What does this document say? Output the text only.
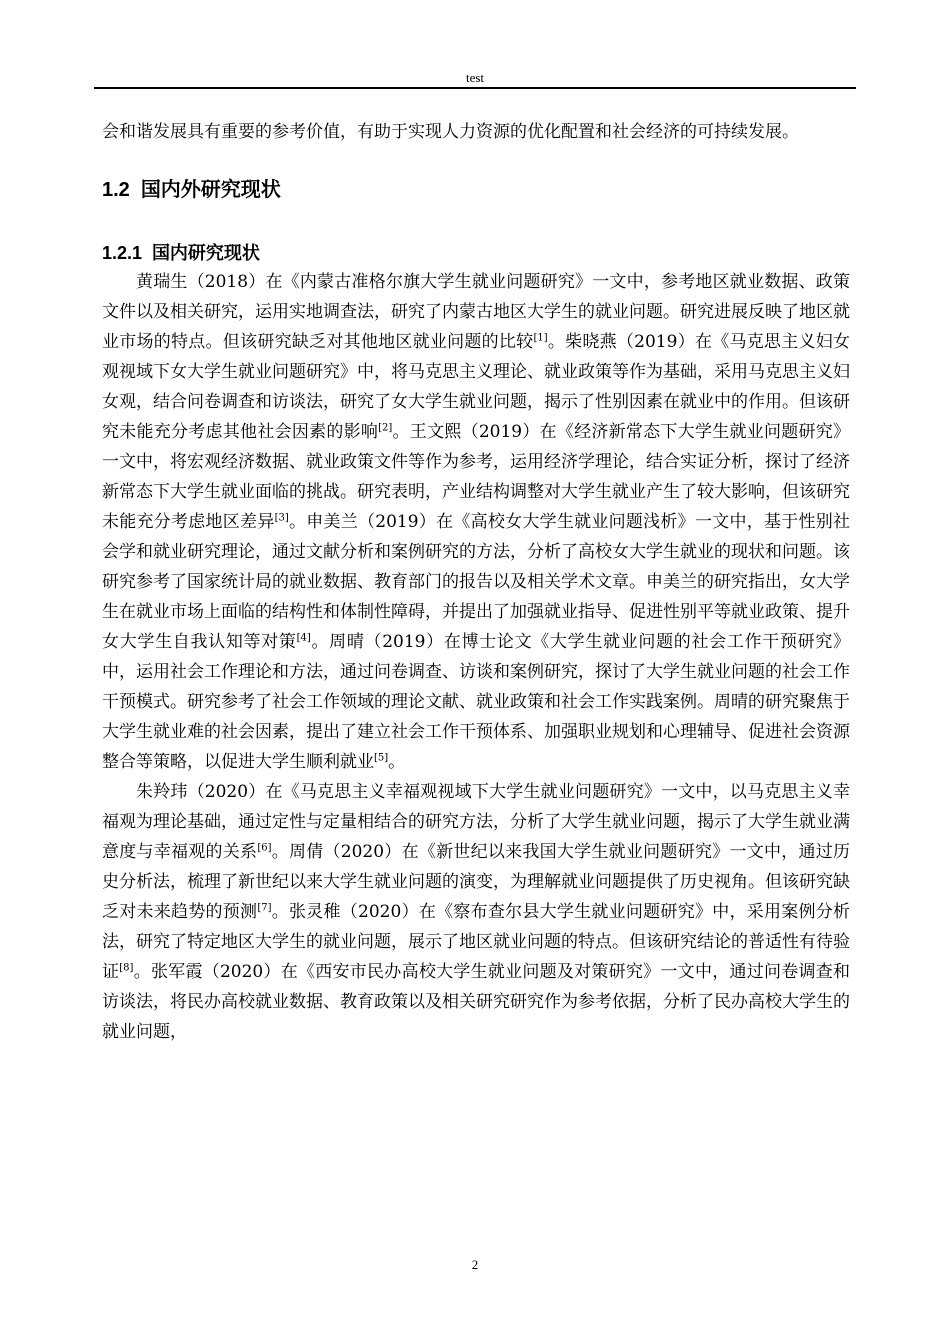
test

会和谐发展具有重要的参考价值，有助于实现人力资源的优化配置和社会经济的可持续发展。

1.2 国内外研究现状
1.2.1 国内研究现状

黄瑞生（2018）在《内蒙古准格尔旗大学生就业问题研究》一文中，参考地区就业数据、政策文件以及相关研究，运用实地调查法，研究了内蒙古地区大学生的就业问题。研究进展反映了地区就业市场的特点。但该研究缺乏对其他地区就业问题的比较[1]。柴晓燕（2019）在《马克思主义妇女观视域下女大学生就业问题研究》中，将马克思主义理论、就业政策等作为基础，采用马克思主义妇女观，结合问卷调查和访谈法，研究了女大学生就业问题，揭示了性别因素在就业中的作用。但该研究未能充分考虑其他社会因素的影响[2]。王文熙（2019）在《经济新常态下大学生就业问题研究》一文中，将宏观经济数据、就业政策文件等作为参考，运用经济学理论，结合实证分析，探讨了经济新常态下大学生就业面临的挑战。研究表明，产业结构调整对大学生就业产生了较大影响，但该研究未能充分考虑地区差异[3]。申美兰（2019）在《高校女大学生就业问题浅析》一文中，基于性别社会学和就业研究理论，通过文献分析和案例研究的方法，分析了高校女大学生就业的现状和问题。该研究参考了国家统计局的就业数据、教育部门的报告以及相关学术文章。申美兰的研究指出，女大学生在就业市场上面临的结构性和体制性障碍，并提出了加强就业指导、促进性别平等就业政策、提升女大学生自我认知等对策[4]。周晴（2019）在博士论文《大学生就业问题的社会工作干预研究》中，运用社会工作理论和方法，通过问卷调查、访谈和案例研究，探讨了大学生就业问题的社会工作干预模式。研究参考了社会工作领域的理论文献、就业政策和社会工作实践案例。周晴的研究聚焦于大学生就业难的社会因素，提出了建立社会工作干预体系、加强职业规划和心理辅导、促进社会资源整合等策略，以促进大学生顺利就业[5]。

朱羚玮（2020）在《马克思主义幸福观视域下大学生就业问题研究》一文中，以马克思主义幸福观为理论基础，通过定性与定量相结合的研究方法，分析了大学生就业问题，揭示了大学生就业满意度与幸福观的关系[6]。周倩（2020）在《新世纪以来我国大学生就业问题研究》一文中，通过历史分析法，梳理了新世纪以来大学生就业问题的演变，为理解就业问题提供了历史视角。但该研究缺乏对未来趋势的预测[7]。张灵稚（2020）在《察布查尔县大学生就业问题研究》中，采用案例分析法，研究了特定地区大学生的就业问题，展示了地区就业问题的特点。但该研究结论的普适性有待验证[8]。张军霞（2020）在《西安市民办高校大学生就业问题及对策研究》一文中，通过问卷调查和访谈法，将民办高校就业数据、教育政策以及相关研究研究作为参考依据，分析了民办高校大学生的就业问题，

2
